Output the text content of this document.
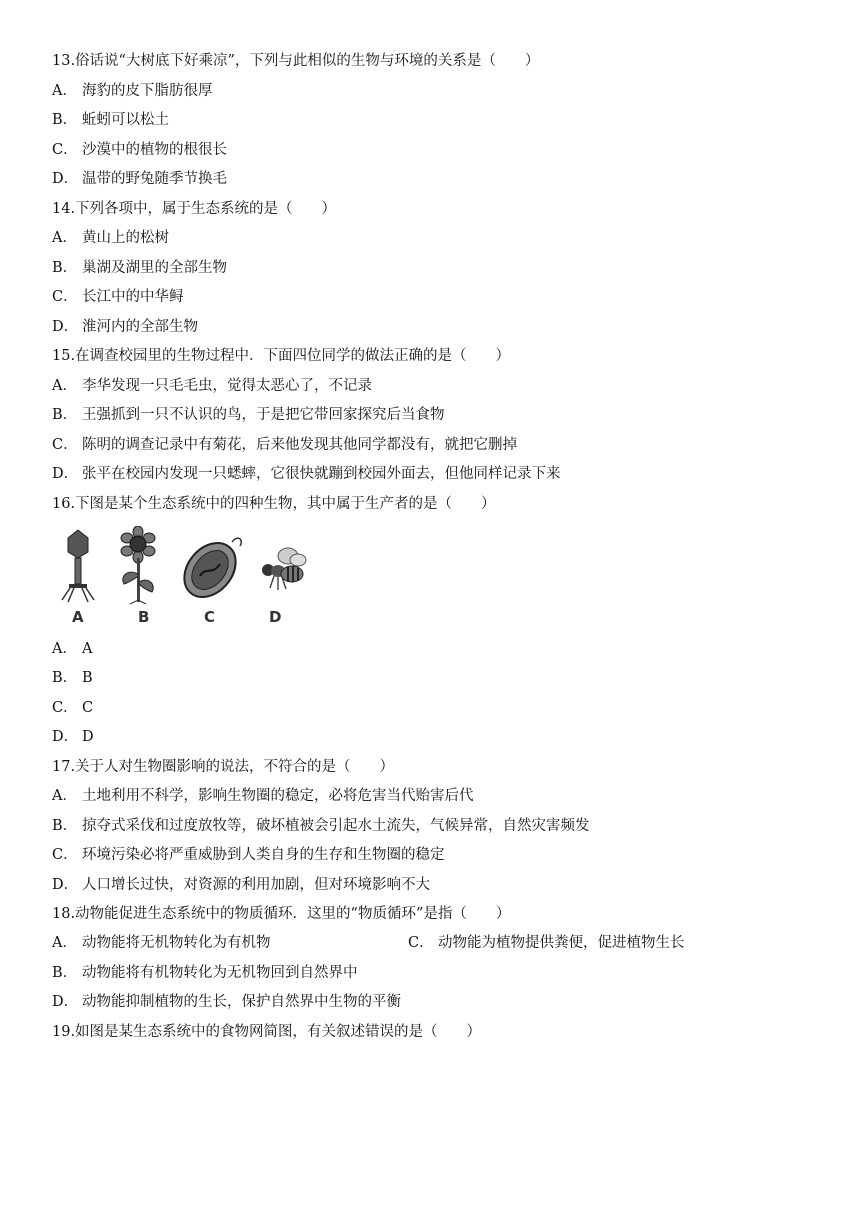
13.俗话说“大树底下好乘凉”，下列与此相似的生物与环境的关系是（　　）
A． 海豹的皮下脂肪很厚
B． 蚯蚓可以松土
C． 沙漠中的植物的根很长
D． 温带的野兔随季节换毛
14.下列各项中，属于生态系统的是（　　）
A． 黄山上的松树
B． 巢湖及湖里的全部生物
C． 长江中的中华鲟
D． 淮河内的全部生物
15.在调查校园里的生物过程中．下面四位同学的做法正确的是（　　）
A． 李华发现一只毛毛虫，觉得太恶心了，不记录
B． 王强抓到一只不认识的鸟，于是把它带回家探究后当食物
C． 陈明的调查记录中有菊花，后来他发现其他同学都没有，就把它删掉
D． 张平在校园内发现一只蟋蟀，它很快就蹦到校园外面去，但他同样记录下来
16.下图是某个生态系统中的四种生物，其中属于生产者的是（　　）
A	B	C	D
A． A
B． B
C． C
D． D
17.关于人对生物圈影响的说法，不符合的是（　　）
A． 土地利用不科学，影响生物圈的稳定，必将危害当代贻害后代
B． 掠夺式采伐和过度放牧等，破坏植被会引起水土流失，气候异常，自然灾害频发
C． 环境污染必将严重威胁到人类自身的生存和生物圈的稳定
D． 人口增长过快，对资源的利用加剧，但对环境影响不大
18.动物能促进生态系统中的物质循环．这里的“物质循环”是指（　　）
A． 动物能将无机物转化为有机物	C． 动物能为植物提供粪便，促进植物生长
B． 动物能将有机物转化为无机物回到自然界中
D． 动物能抑制植物的生长，保护自然界中生物的平衡
19.如图是某生态系统中的食物网简图，有关叙述错误的是（　　）
